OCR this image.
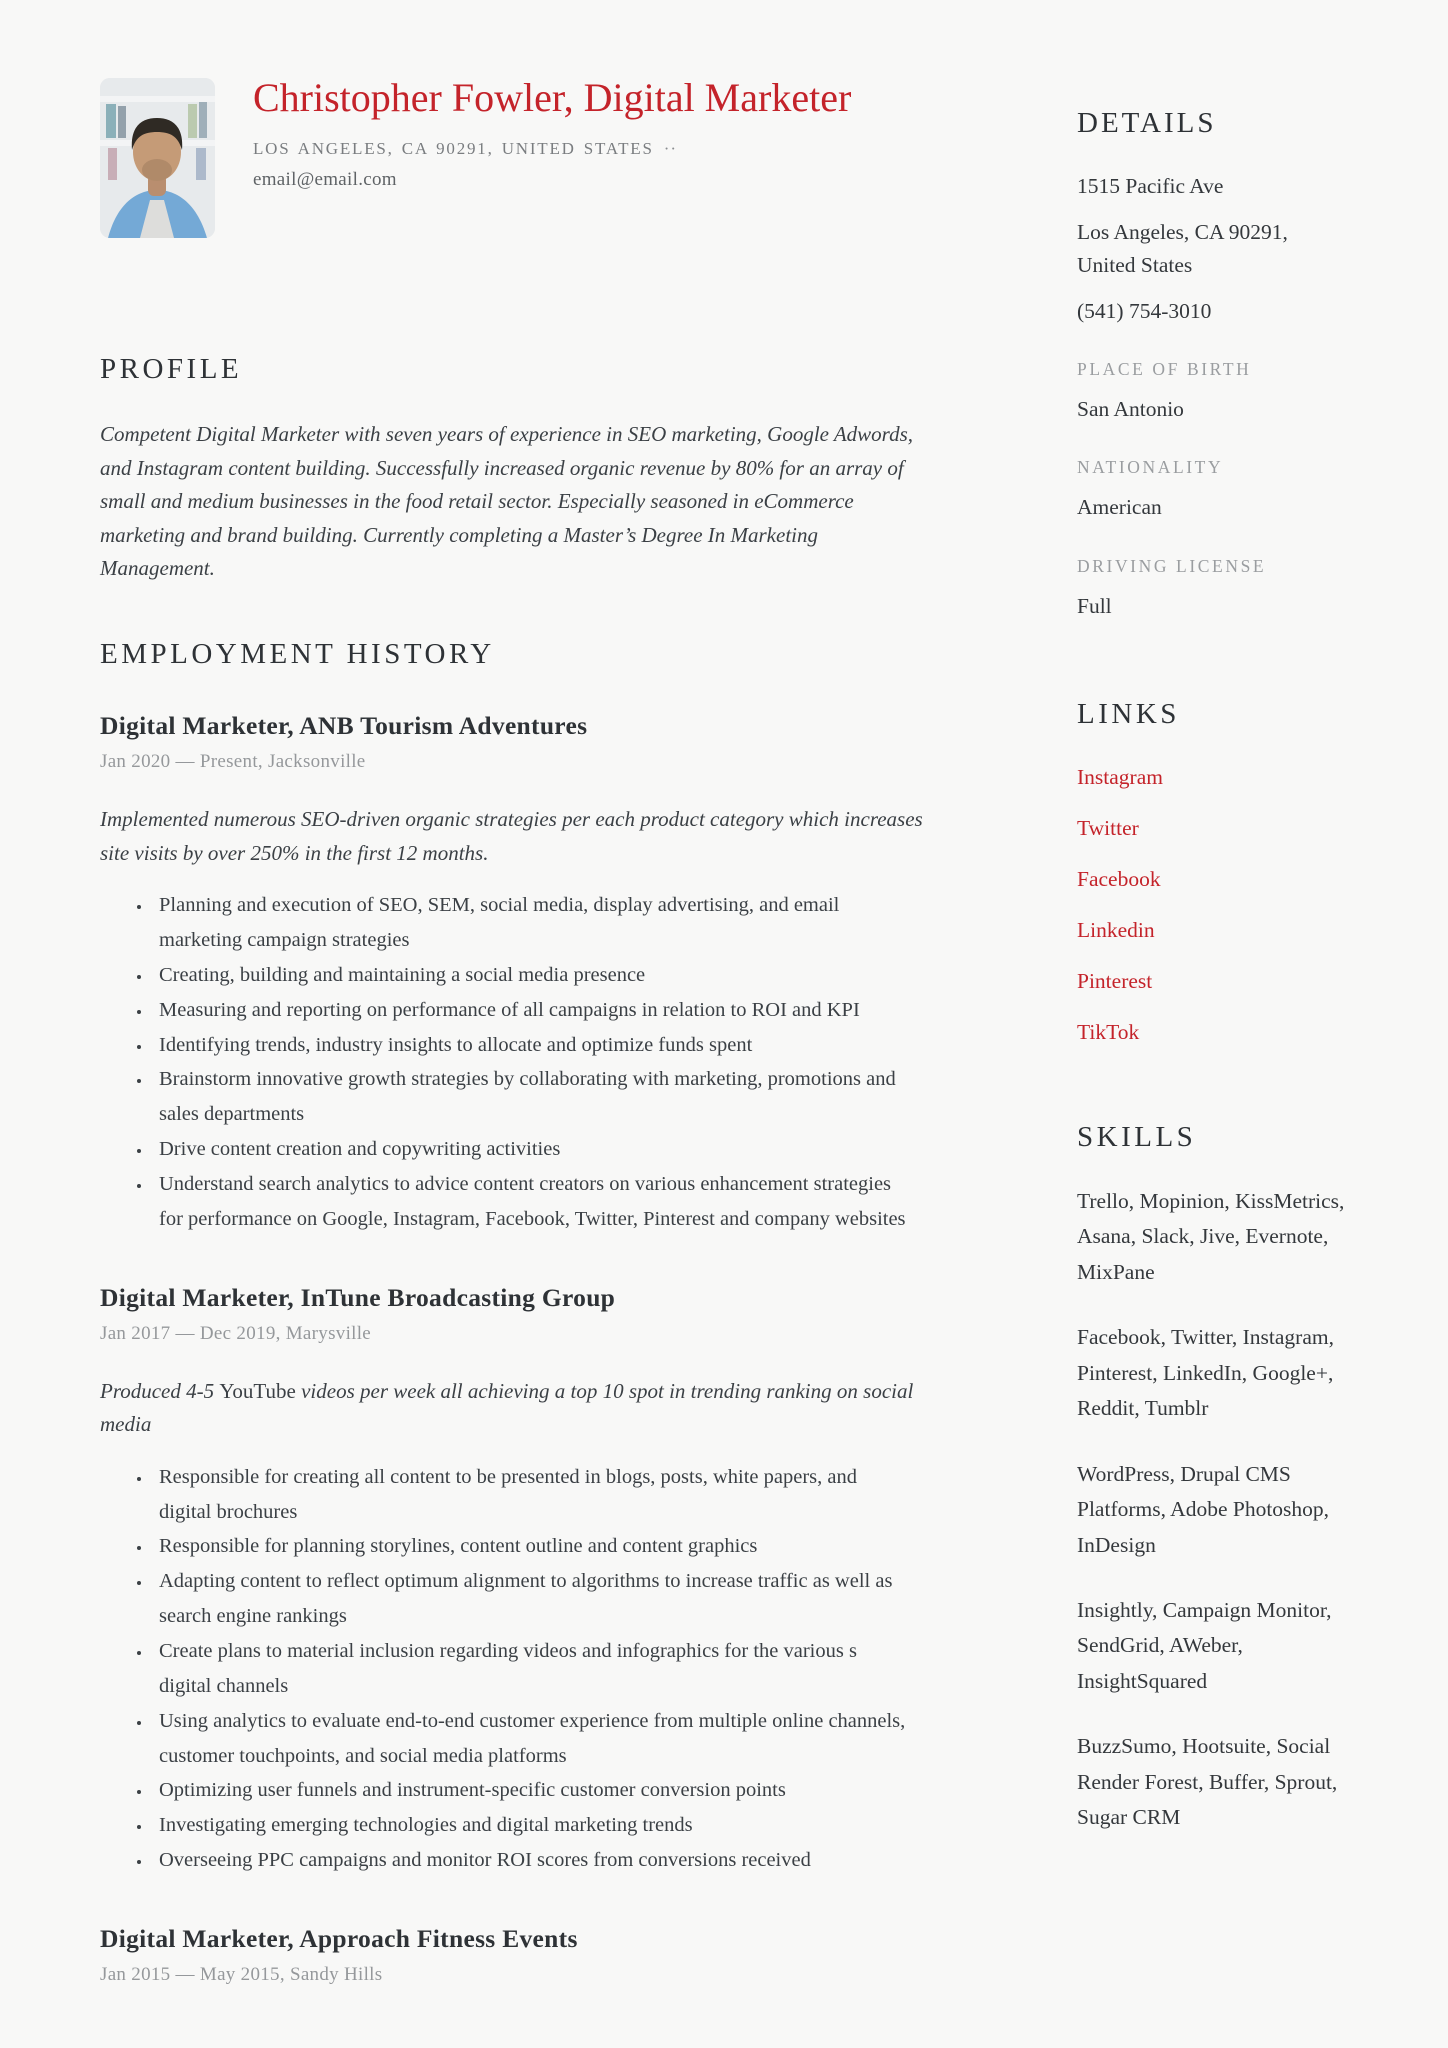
Christopher Fowler, Digital Marketer
LOS ANGELES, CA 90291, UNITED STATES ··
email@email.com
PROFILE

Competent Digital Marketer with seven years of experience in SEO marketing, Google Adwords, and Instagram content building. Successfully increased organic revenue by 80% for an array of small and medium businesses in the food retail sector. Especially seasoned in eCommerce marketing and brand building. Currently completing a Master’s Degree In Marketing Management.

EMPLOYMENT HISTORY
Digital Marketer, ANB Tourism Adventures
Jan 2020 — Present, Jacksonville

Implemented numerous SEO-driven organic strategies per each product category which increases site visits by over 250% in the first 12 months.

• Planning and execution of SEO, SEM, social media, display advertising, and email marketing campaign strategies
• Creating, building and maintaining a social media presence
• Measuring and reporting on performance of all campaigns in relation to ROI and KPI
• Identifying trends, industry insights to allocate and optimize funds spent
• Brainstorm innovative growth strategies by collaborating with marketing, promotions and sales departments
• Drive content creation and copywriting activities
• Understand search analytics to advice content creators on various enhancement strategies for performance on Google, Instagram, Facebook, Twitter, Pinterest and company websites
Digital Marketer, InTune Broadcasting Group
Jan 2017 — Dec 2019, Marysville

Produced 4-5 YouTube videos per week all achieving a top 10 spot in trending ranking on social media

• Responsible for creating all content to be presented in blogs, posts, white papers, and digital brochures
• Responsible for planning storylines, content outline and content graphics
• Adapting content to reflect optimum alignment to algorithms to increase traffic as well as search engine rankings
• Create plans to material inclusion regarding videos and infographics for the various s digital channels
• Using analytics to evaluate end-to-end customer experience from multiple online channels, customer touchpoints, and social media platforms
• Optimizing user funnels and instrument-specific customer conversion points
• Investigating emerging technologies and digital marketing trends
• Overseeing PPC campaigns and monitor ROI scores from conversions received
Digital Marketer, Approach Fitness Events
Jan 2015 — May 2015, Sandy Hills
DETAILS
1515 Pacific Ave
Los Angeles, CA 90291, United States
(541) 754-3010
PLACE OF BIRTH
San Antonio
NATIONALITY
American
DRIVING LICENSE
Full
LINKS
Instagram
Twitter
Facebook
Linkedin
Pinterest
TikTok
SKILLS
Trello, Mopinion, KissMetrics, Asana, Slack, Jive, Evernote, MixPane
Facebook, Twitter, Instagram, Pinterest, LinkedIn, Google+, Reddit, Tumblr
WordPress, Drupal CMS Platforms, Adobe Photoshop, InDesign
Insightly, Campaign Monitor, SendGrid, AWeber, InsightSquared
BuzzSumo, Hootsuite, Social Render Forest, Buffer, Sprout, Sugar CRM
